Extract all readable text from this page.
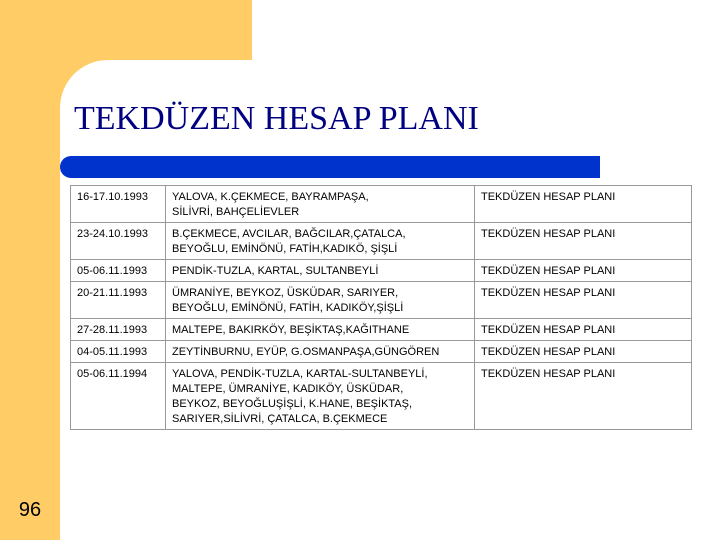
TEKDÜZEN HESAP PLANI
16-17.10.1993	YALOVA, K.ÇEKMECE, BAYRAMPAŞA,
SİLİVRİ, BAHÇELİEVLER	TEKDÜZEN HESAP PLANI
23-24.10.1993	B.ÇEKMECE, AVCILAR, BAĞCILAR,ÇATALCA,
BEYOĞLU, EMİNÖNÜ, FATİH,KADIKÖ, ŞİŞLİ	TEKDÜZEN HESAP PLANI
05-06.11.1993	PENDİK-TUZLA, KARTAL, SULTANBEYLİ	TEKDÜZEN HESAP PLANI
20-21.11.1993	ÜMRANİYE, BEYKOZ, ÜSKÜDAR, SARIYER,
BEYOĞLU, EMİNÖNÜ, FATİH, KADIKÖY,ŞİŞLİ	TEKDÜZEN HESAP PLANI
27-28.11.1993	MALTEPE, BAKIRKÖY, BEŞİKTAŞ,KAĞITHANE	TEKDÜZEN HESAP PLANI
04-05.11.1993	ZEYTİNBURNU, EYÜP, G.OSMANPAŞA,GÜNGÖREN	TEKDÜZEN HESAP PLANI
05-06.11.1994	YALOVA, PENDİK-TUZLA, KARTAL-SULTANBEYLİ,
MALTEPE, ÜMRANİYE, KADIKÖY, ÜSKÜDAR,
BEYKOZ, BEYOĞLUŞİŞLİ, K.HANE, BEŞİKTAŞ,
SARIYER,SİLİVRİ, ÇATALCA, B.ÇEKMECE	TEKDÜZEN HESAP PLANI
96
